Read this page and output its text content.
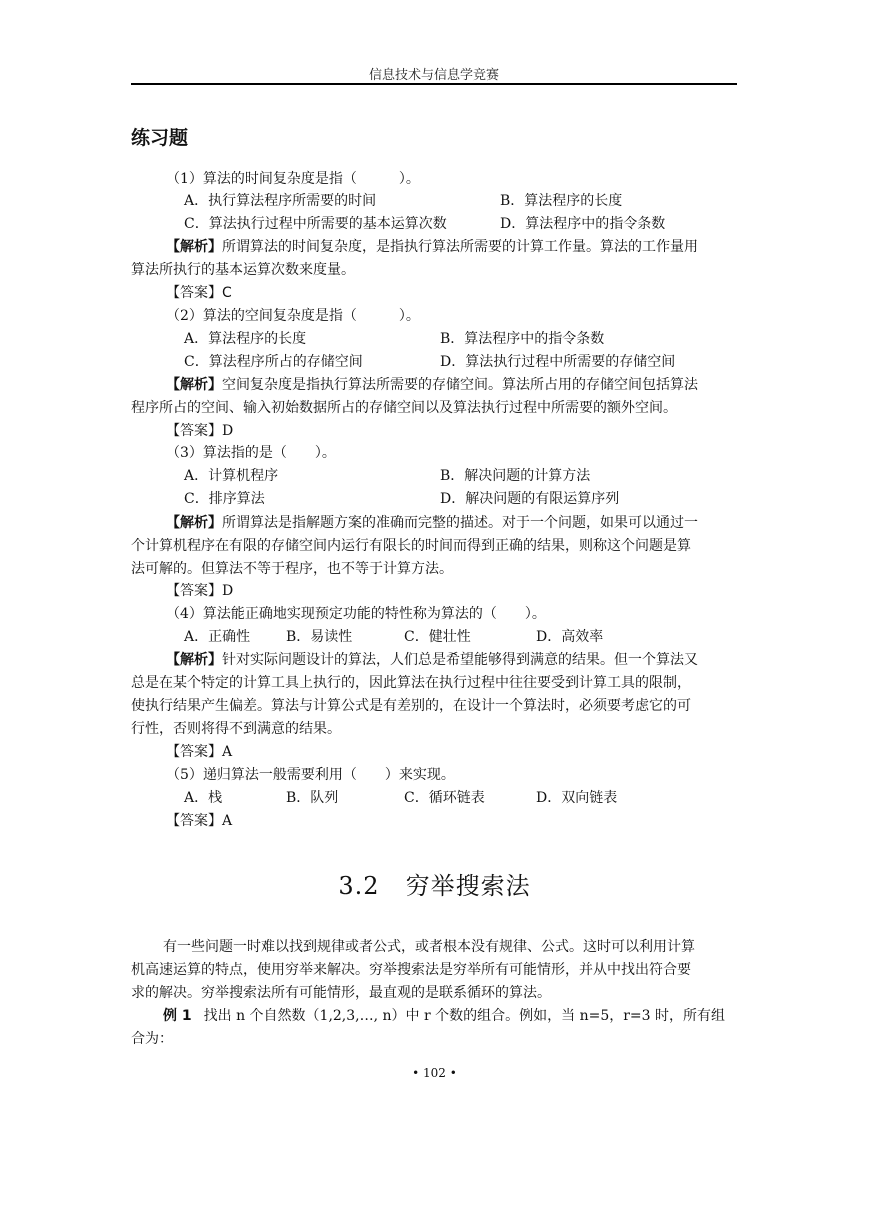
信息技术与信息学竞赛
练习题
（1）算法的时间复杂度是指（　　　）。
A．执行算法程序所需要的时间	B．算法程序的长度
C．算法执行过程中所需要的基本运算次数	D．算法程序中的指令条数
【解析】所谓算法的时间复杂度，是指执行算法所需要的计算工作量。算法的工作量用
算法所执行的基本运算次数来度量。
【答案】C
（2）算法的空间复杂度是指（　　　）。
A．算法程序的长度	B．算法程序中的指令条数
C．算法程序所占的存储空间	D．算法执行过程中所需要的存储空间
【解析】空间复杂度是指执行算法所需要的存储空间。算法所占用的存储空间包括算法
程序所占的空间、输入初始数据所占的存储空间以及算法执行过程中所需要的额外空间。
【答案】D
（3）算法指的是（　　）。
A．计算机程序	B．解决问题的计算方法
C．排序算法	D．解决问题的有限运算序列
【解析】所谓算法是指解题方案的准确而完整的描述。对于一个问题，如果可以通过一
个计算机程序在有限的存储空间内运行有限长的时间而得到正确的结果，则称这个问题是算
法可解的。但算法不等于程序，也不等于计算方法。
【答案】D
（4）算法能正确地实现预定功能的特性称为算法的（　　）。
A．正确性	B．易读性	C．健壮性	D．高效率
【解析】针对实际问题设计的算法，人们总是希望能够得到满意的结果。但一个算法又
总是在某个特定的计算工具上执行的，因此算法在执行过程中往往要受到计算工具的限制，
使执行结果产生偏差。算法与计算公式是有差别的，在设计一个算法时，必须要考虑它的可
行性，否则将得不到满意的结果。
【答案】A
（5）递归算法一般需要利用（　　）来实现。
A．栈	B．队列	C．循环链表	D．双向链表
【答案】A
3.2 穷举搜索法
有一些问题一时难以找到规律或者公式，或者根本没有规律、公式。这时可以利用计算
机高速运算的特点，使用穷举来解决。穷举搜索法是穷举所有可能情形，并从中找出符合要
求的解决。穷举搜索法所有可能情形，最直观的是联系循环的算法。
例 1 找出 n 个自然数（1,2,3,…, n）中 r 个数的组合。例如，当 n=5，r=3 时，所有组
合为：
• 102 •
